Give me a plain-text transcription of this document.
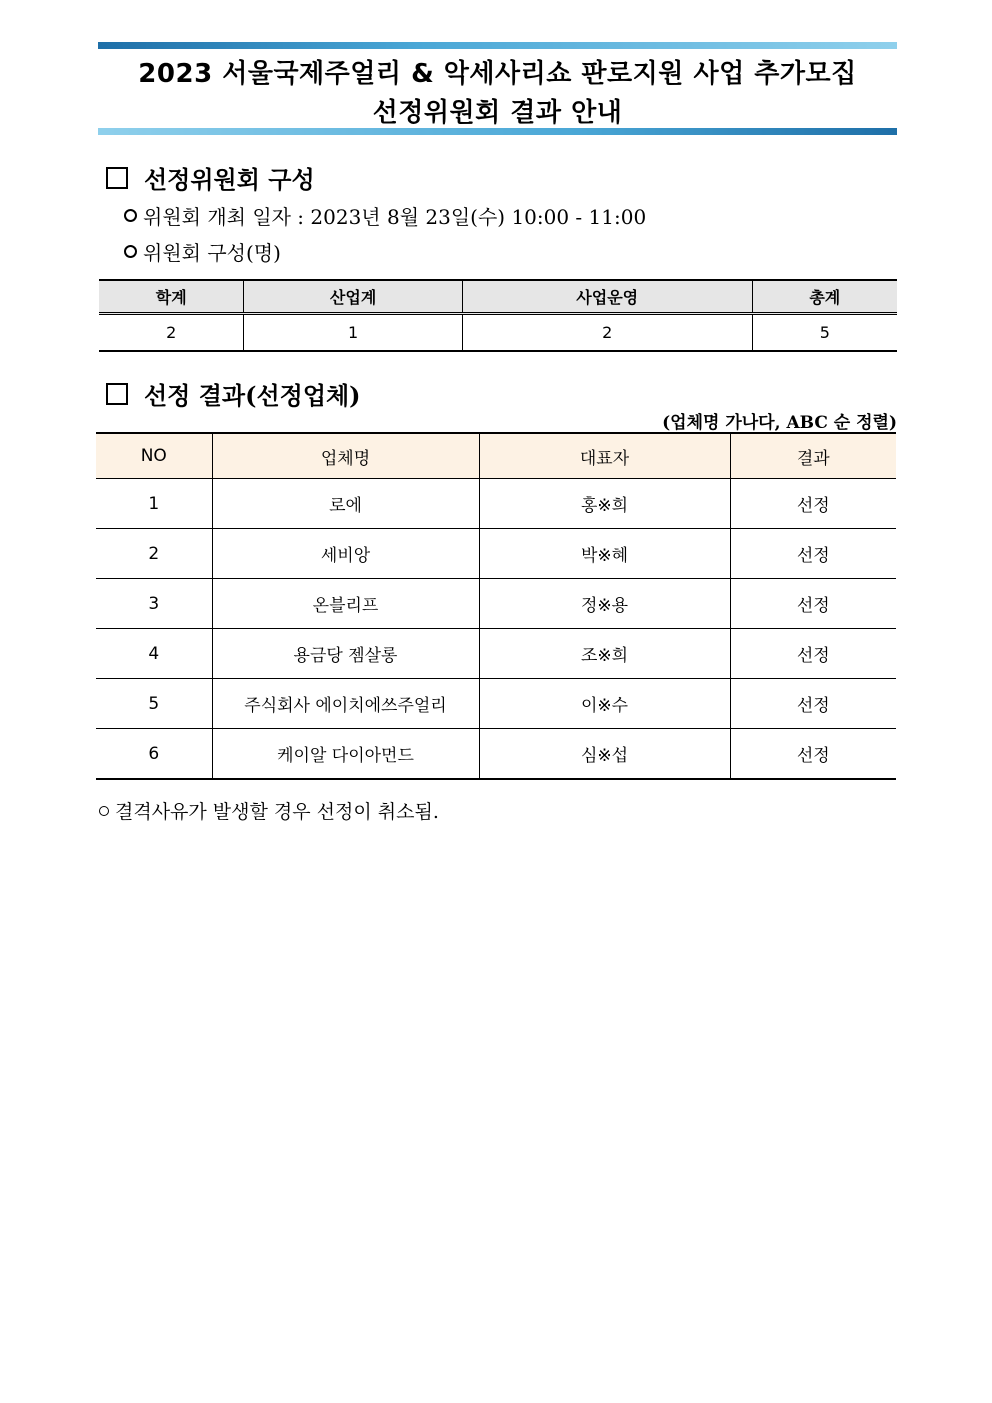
2023 서울국제주얼리 & 악세사리쇼 판로지원 사업 추가모집
선정위원회 결과 안내
선정위원회 구성
위원회 개최 일자 : 2023년 8월 23일(수) 10:00 - 11:00
위원회 구성(명)
학계	산업계	사업운영	총계
2	1	2	5
선정 결과(선정업체)
(업체명 가나다, ABC 순 정렬)
NO	업체명	대표자	결과
1	로에	홍※희	선정
2	세비앙	박※혜	선정
3	온블리프	정※용	선정
4	용금당 젬살롱	조※희	선정
5	주식회사 에이치에쓰주얼리	이※수	선정
6	케이알 다이아먼드	심※섭	선정
결격사유가 발생할 경우 선정이 취소됨.
